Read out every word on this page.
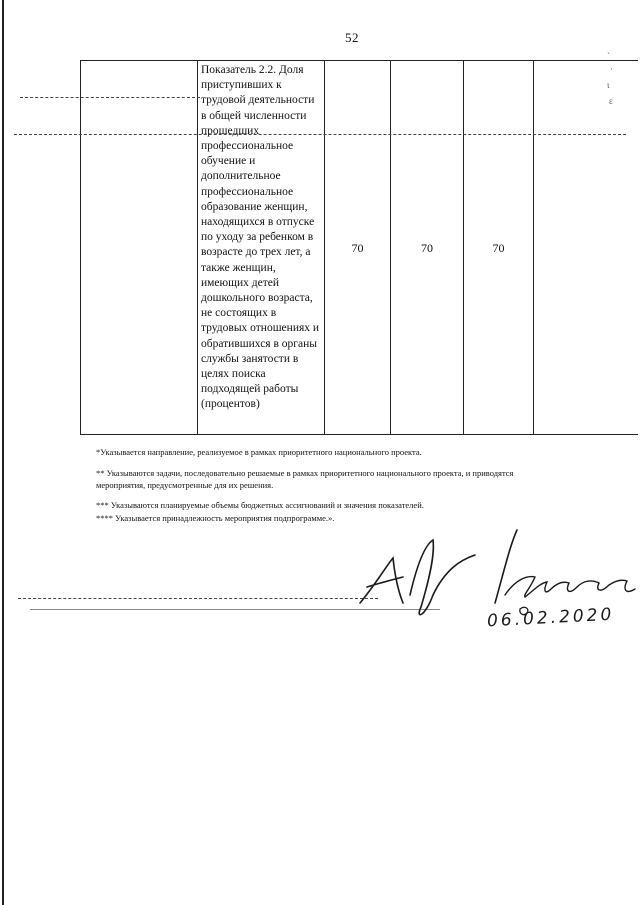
52
ˏ
·
ι
ɛ

Показатель 2.2. Доля
приступивших к
трудовой деятельности
в общей численности
прошедших
профессиональное
обучение и
дополнительное
профессиональное
образование женщин,
находящихся в отпуске
по уходу за ребенком в
возрасте до трех лет, а
также женщин,
имеющих детей
дошкольного возраста,
не состоящих в
трудовых отношениях и
обратившихся в органы
службы занятости в
целях поиска
подходящей работы
(процентов)

70	70	70

*Указывается направление, реализуемое в рамках приоритетного национального проекта.
** Указываются задачи, последовательно решаемые в рамках приоритетного национального проекта, и приводятся
мероприятия, предусмотренные для их решения.
*** Указываются планируемые объемы бюджетных ассигнований и значения показателей.
**** Указывается принадлежность мероприятия подпрограмме.».
06.02.2020
